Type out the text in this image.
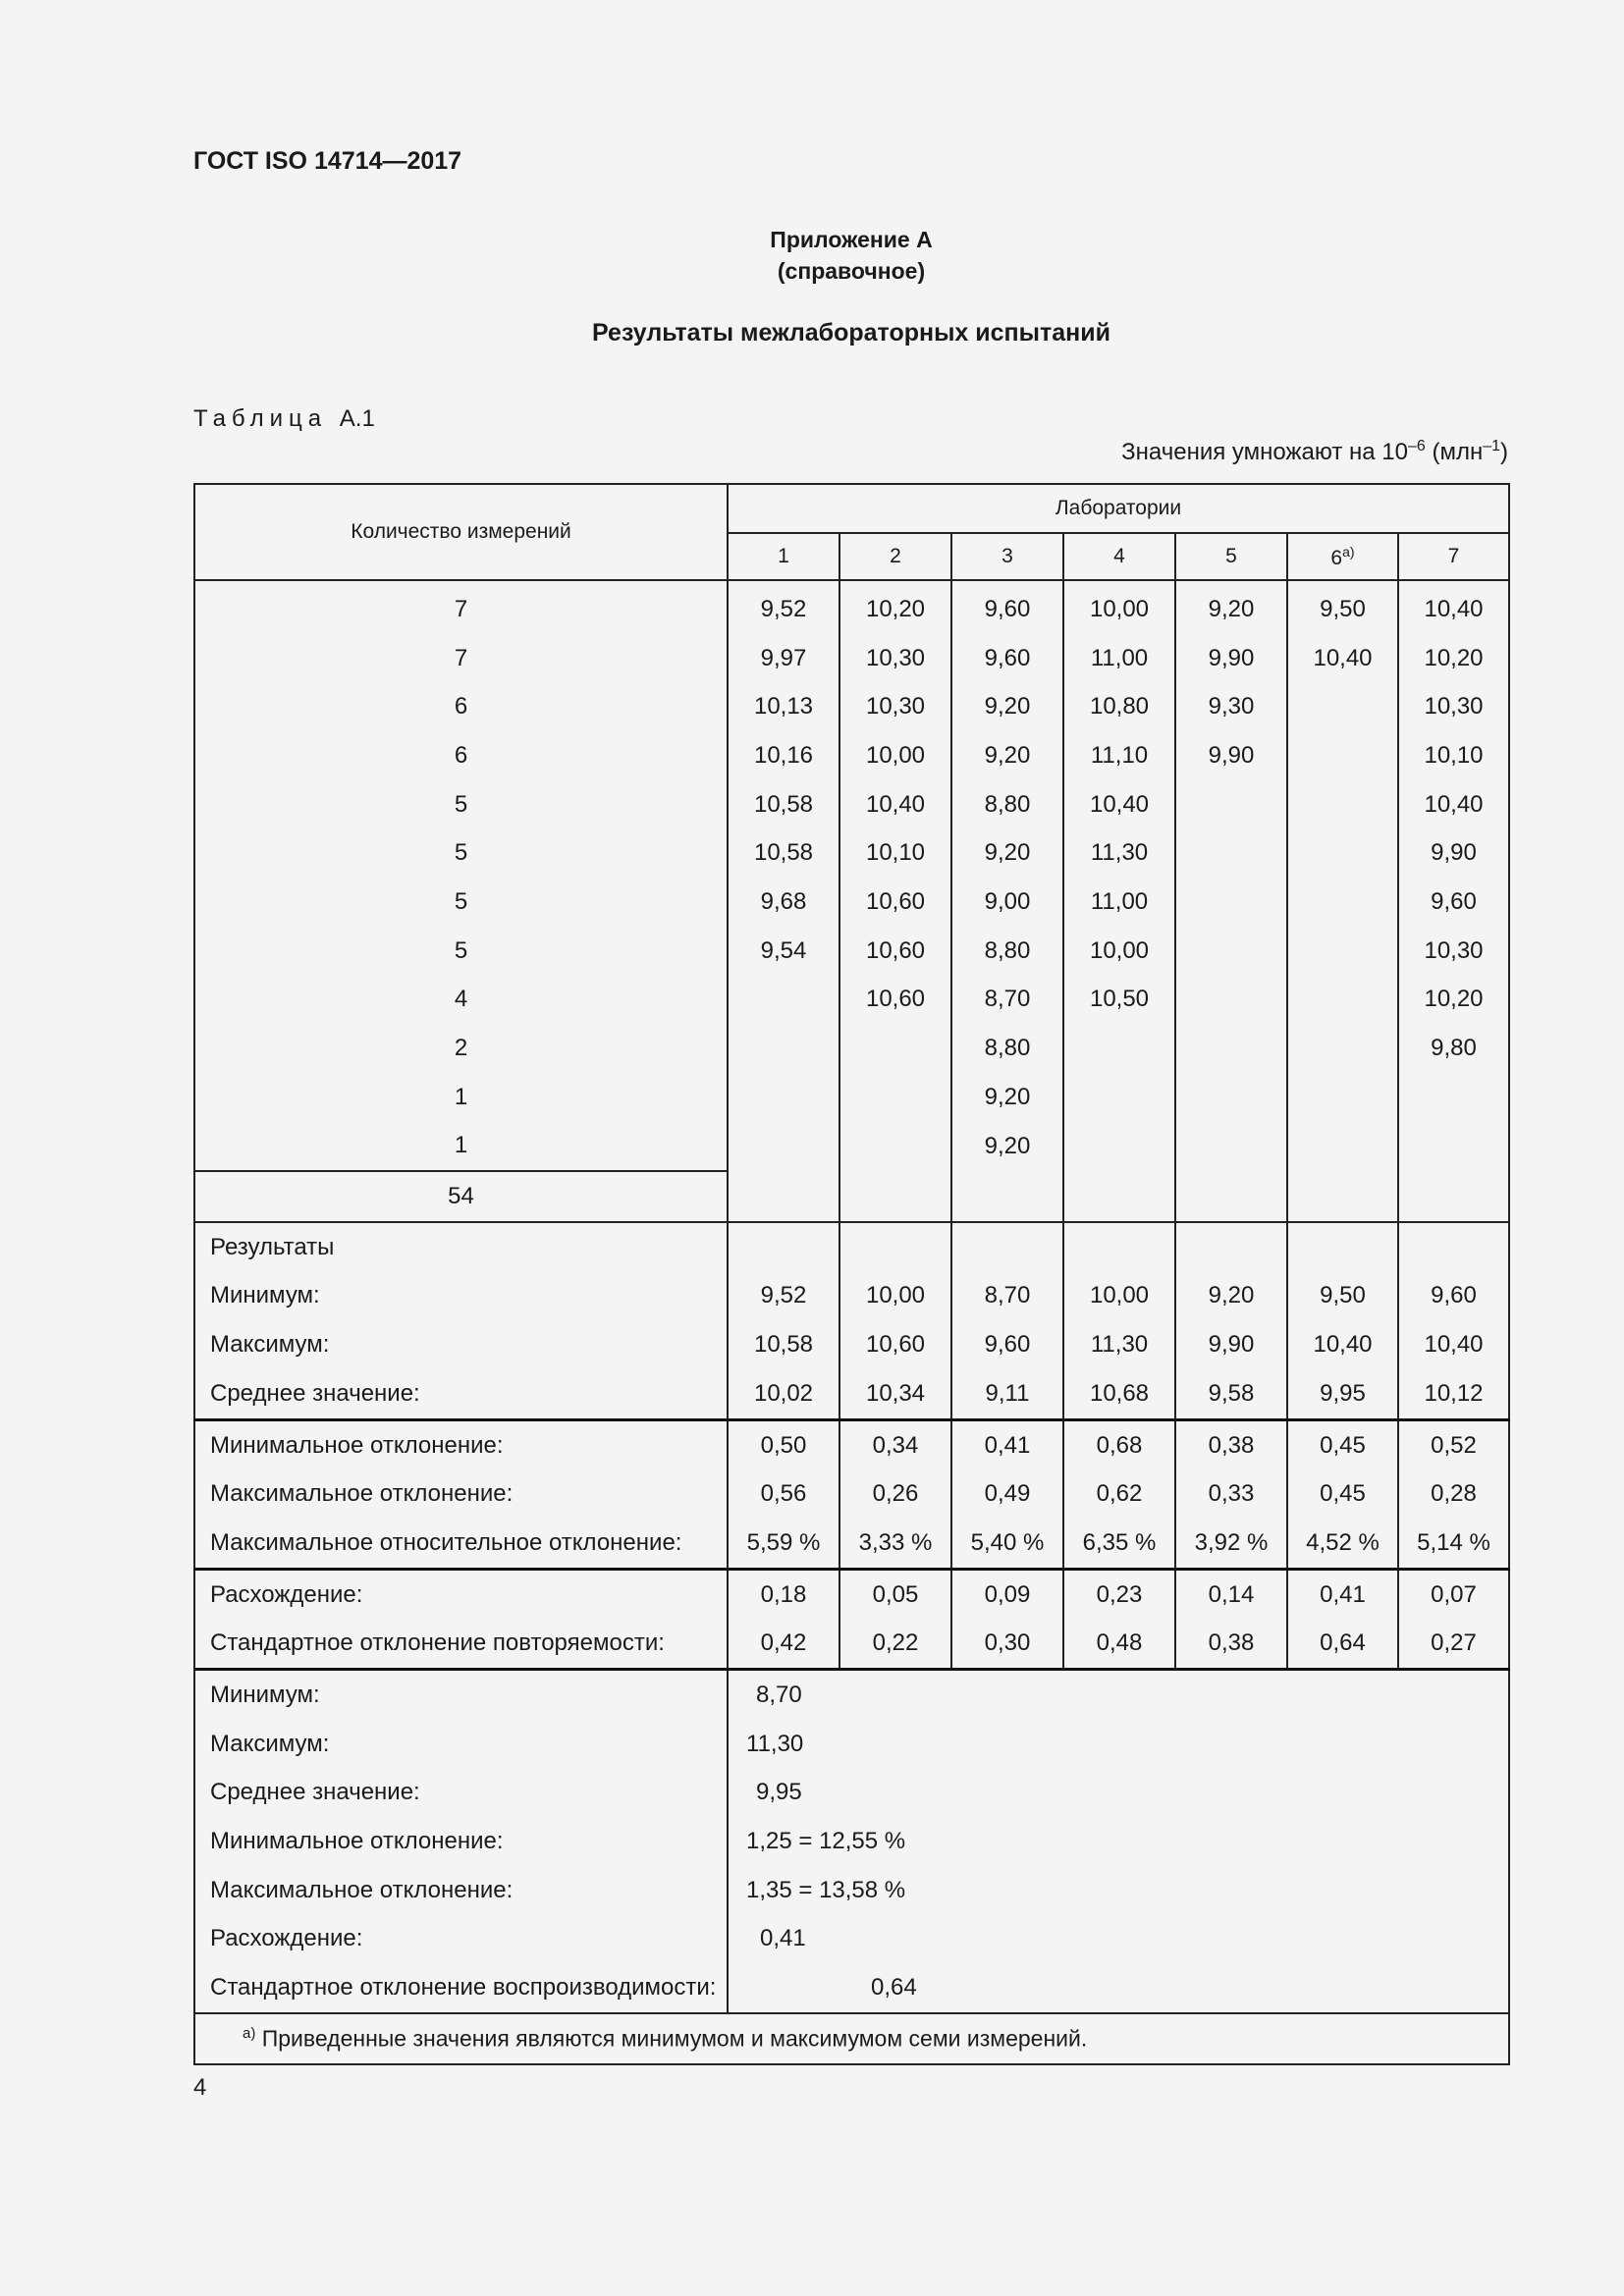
ГОСТ ISO 14714—2017
Приложение А
(справочное)
Результаты межлабораторных испытаний
Таблица А.1
Значения умножают на $10^{-6}$ (млн$^{-1}$)
Количество измерений	Лаборатории						
	1	2	3	4	5	$6^{а)}$	7
7	9,52	10,20	9,60	10,00	9,20	9,50	10,40
7	9,97	10,30	9,60	11,00	9,90	10,40	10,20
6	10,13	10,30	9,20	10,80	9,30		10,30
6	10,16	10,00	9,20	11,10	9,90		10,10
5	10,58	10,40	8,80	10,40			10,40
5	10,58	10,10	9,20	11,30			9,90
5	9,68	10,60	9,00	11,00			9,60
5	9,54	10,60	8,80	10,00			10,30
4		10,60	8,70	10,50			10,20
2			8,80				9,80
1			9,20				
1			9,20				
54							
Результаты							
Минимум:	9,52	10,00	8,70	10,00	9,20	9,50	9,60
Максимум:	10,58	10,60	9,60	11,30	9,90	10,40	10,40
Среднее значение:	10,02	10,34	9,11	10,68	9,58	9,95	10,12
Минимальное отклонение:	0,50	0,34	0,41	0,68	0,38	0,45	0,52
Максимальное отклонение:	0,56	0,26	0,49	0,62	0,33	0,45	0,28
Максимальное относительное отклонение:	5,59 %	3,33 %	5,40 %	6,35 %	3,92 %	4,52 %	5,14 %
Расхождение:	0,18	0,05	0,09	0,23	0,14	0,41	0,07
Стандартное отклонение повторяемости:	0,42	0,22	0,30	0,48	0,38	0,64	0,27
Минимум:	8,70						
Максимум:	11,30						
Среднее значение:	9,95						
Минимальное отклонение:	1,25 = 12,55 %						
Максимальное отклонение:	1,35 = 13,58 %						
Расхождение:	0,41						
Стандартное отклонение воспроизводимости:	0,64						
$^{а)}$ Приведенные значения являются минимумом и максимумом семи измерений.							
4
